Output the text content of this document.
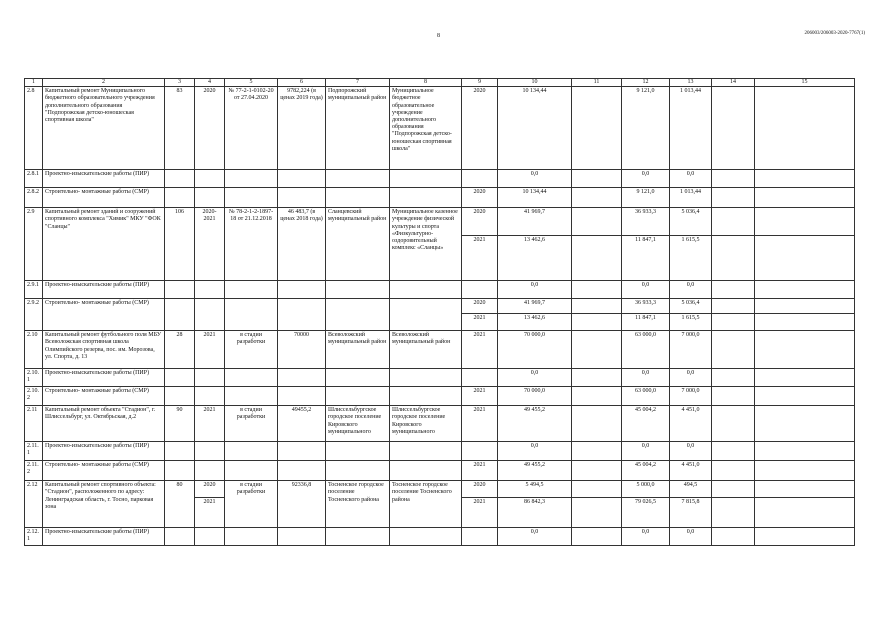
8	206003/206003-2020-7767(1)
1	2	3	4	5	6	7	8	9	10	11	12	13	14	15
2.8	Капитальный ремонт Муниципального бюджетного образовательного учреждения дополнительного образования "Подпорожская детско-юношеская спортивная школа"	83	2020	№ 77-2-1-0102-20 от 27.04.2020	9782,224 (в ценах 2019 года)	Подпорожский муниципальный район	Муниципальное бюджетное образовательное учреждение дополнительного образования "Подпорожская детско-юношеская спортивная школа"	2020	10 134,44		9 121,0	1 013,44		
2.8.1	Проектно-изыскательские работы (ПИР)								0,0		0,0	0,0		
2.8.2	Строительно- монтажные работы (СМР)							2020	10 134,44		9 121,0	1 013,44		
2.9	Капитальный ремонт зданий и сооружений спортивного комплекса "Химик" МКУ "ФОК "Сланцы"	106	2020-2021	№ 78-2-1-2-1897-18 от 21.12.2018	46 483,7 (в ценах 2018 года)	Сланцевский муниципальный район	Муниципальное казенное учреждение физической культуры и спорта «Физкультурно-оздоровительный комплекс «Сланцы»	2020	41 969,7		36 933,3	5 036,4		
								2021	13 462,6		11 847,1	1 615,5		
2.9.1	Проектно-изыскательские работы (ПИР)								0,0		0,0	0,0		
2.9.2	Строительно- монтажные работы (СМР)							2020	41 969,7		36 933,3	5 036,4		
								2021	13 462,6		11 847,1	1 615,5		
2.10	Капитальный ремонт футбольного поля МБУ Всеволожская спортивная школа Олимпийского резерва, пос. им. Морозова, ул. Спорта, д. 13	28	2021	в стадии разработки	70000	Всеволожский муниципальный район	Всеволожский муниципальный район	2021	70 000,0		63 000,0	7 000,0		
2.10.1	Проектно-изыскательские работы (ПИР)								0,0		0,0	0,0		
2.10.2	Строительно- монтажные работы (СМР)							2021	70 000,0		63 000,0	7 000,0		
2.11	Капитальный ремонт объекта "Стадион", г. Шлиссельбург, ул. Октябрьская, д.2	90	2021	в стадии разработки	49455,2	Шлиссельбургское городское поселение Кировского муниципального	Шлиссельбургское городское поселение Кировского муниципального	2021	49 455,2		45 004,2	4 451,0		
2.11.1	Проектно-изыскательские работы (ПИР)								0,0		0,0	0,0		
2.11.2	Строительно- монтажные работы (СМР)							2021	49 455,2		45 004,2	4 451,0		
2.12	Капитальный ремонт спортивного объекта: "Стадион", расположенного по адресу: Ленинградская область, г. Тосно, парковая зона	80	2020	в стадии разработки	92336,8	Тосненское городское поселение Тосненского района	Тосненское городское поселение Тосненского района	2020	5 494,5		5 000,0	494,5		
			2021					2021	86 842,3		79 026,5	7 815,8		
2.12.1	Проектно-изыскательские работы (ПИР)								0,0		0,0	0,0		
